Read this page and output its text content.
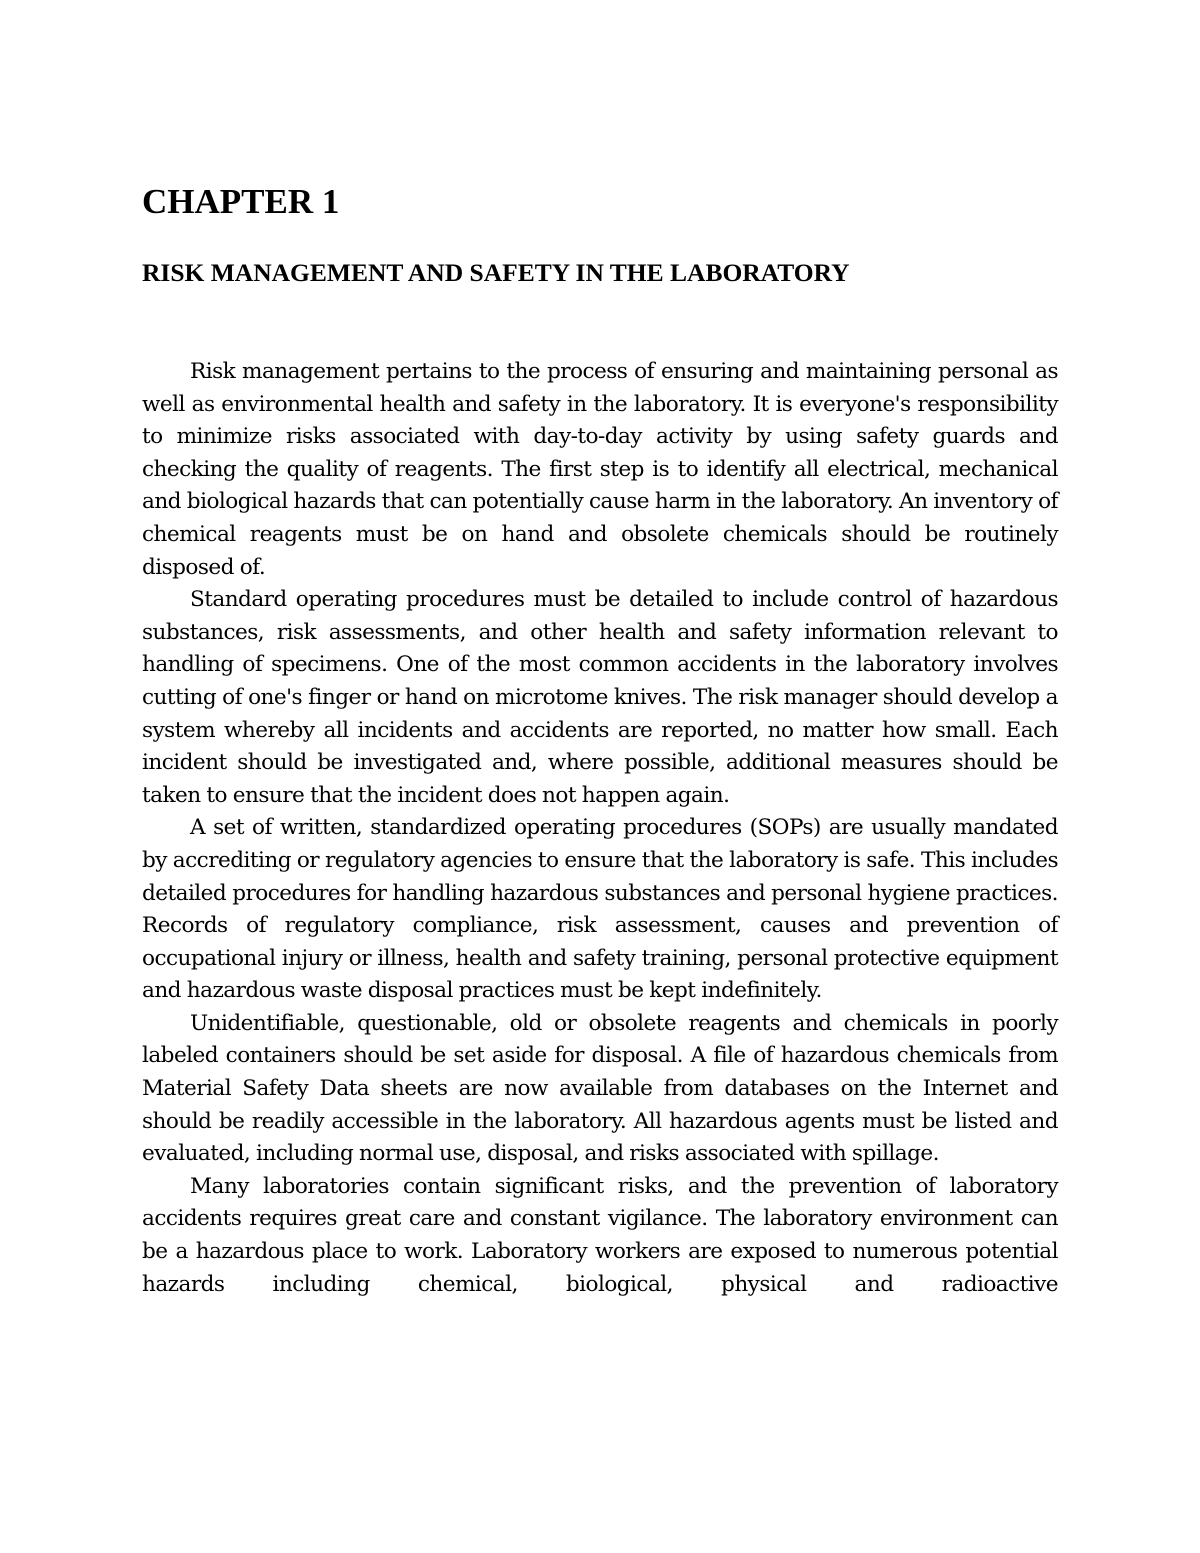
CHAPTER 1
RISK MANAGEMENT AND SAFETY IN THE LABORATORY

Risk management pertains to the process of ensuring and maintaining personal as well as environmental health and safety in the laboratory. It is everyone's responsibility to minimize risks associated with day-to-day activity by using safety guards and checking the quality of reagents. The first step is to identify all electrical, mechanical and biological hazards that can potentially cause harm in the laboratory. An inventory of chemical reagents must be on hand and obsolete chemicals should be routinely disposed of.

Standard operating procedures must be detailed to include control of hazardous substances, risk assessments, and other health and safety information relevant to handling of specimens. One of the most common accidents in the laboratory involves cutting of one's finger or hand on microtome knives. The risk manager should develop a system whereby all incidents and accidents are reported, no matter how small. Each incident should be investigated and, where possible, additional measures should be taken to ensure that the incident does not happen again.

A set of written, standardized operating procedures (SOPs) are usually mandated by accrediting or regulatory agencies to ensure that the laboratory is safe. This includes detailed procedures for handling hazardous substances and personal hygiene practices. Records of regulatory compliance, risk assessment, causes and prevention of occupational injury or illness, health and safety training, personal protective equipment and hazardous waste disposal practices must be kept indefinitely.

Unidentifiable, questionable, old or obsolete reagents and chemicals in poorly labeled containers should be set aside for disposal. A file of hazardous chemicals from Material Safety Data sheets are now available from databases on the Internet and should be readily accessible in the laboratory. All hazardous agents must be listed and evaluated, including normal use, disposal, and risks associated with spillage.

Many laboratories contain significant risks, and the prevention of laboratory accidents requires great care and constant vigilance. The laboratory environment can be a hazardous place to work. Laboratory workers are exposed to numerous potential hazards including chemical, biological, physical and radioactive
